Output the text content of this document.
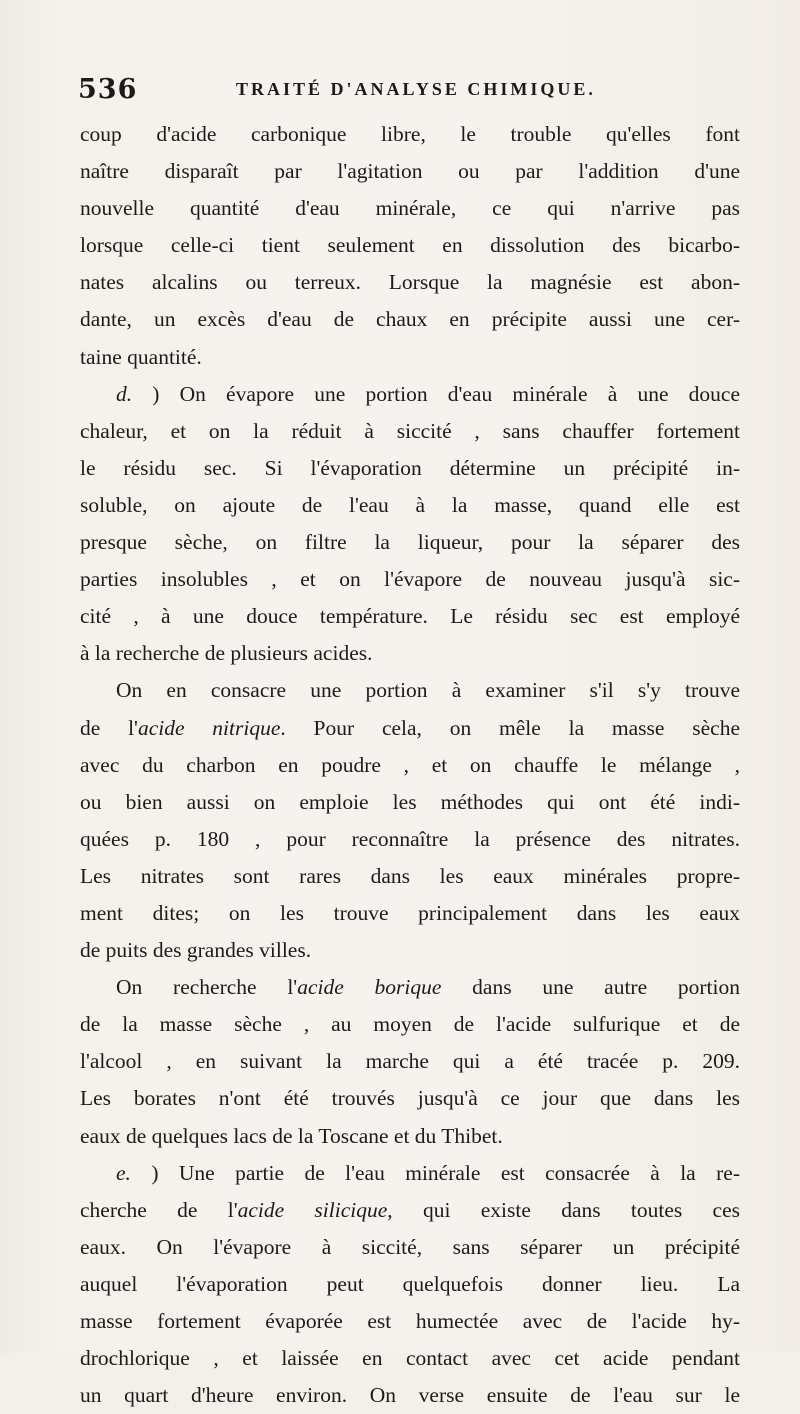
536	TRAITÉ D'ANALYSE CHIMIQUE.
coup d'acide carbonique libre, le trouble qu'elles font
naître disparaît par l'agitation ou par l'addition d'une
nouvelle quantité d'eau minérale, ce qui n'arrive pas
lorsque celle-ci tient seulement en dissolution des bicarbo-
nates alcalins ou terreux. Lorsque la magnésie est abon-
dante, un excès d'eau de chaux en précipite aussi une cer-
taine quantité.
d. ) On évapore une portion d'eau minérale à une douce
chaleur, et on la réduit à siccité , sans chauffer fortement
le résidu sec. Si l'évaporation détermine un précipité in-
soluble, on ajoute de l'eau à la masse, quand elle est
presque sèche, on filtre la liqueur, pour la séparer des
parties insolubles , et on l'évapore de nouveau jusqu'à sic-
cité , à une douce température. Le résidu sec est employé
à la recherche de plusieurs acides.
On en consacre une portion à examiner s'il s'y trouve
de l'acide nitrique. Pour cela, on mêle la masse sèche
avec du charbon en poudre , et on chauffe le mélange ,
ou bien aussi on emploie les méthodes qui ont été indi-
quées p. 180 , pour reconnaître la présence des nitrates.
Les nitrates sont rares dans les eaux minérales propre-
ment dites; on les trouve principalement dans les eaux
de puits des grandes villes.
On recherche l'acide borique dans une autre portion
de la masse sèche , au moyen de l'acide sulfurique et de
l'alcool , en suivant la marche qui a été tracée p. 209.
Les borates n'ont été trouvés jusqu'à ce jour que dans les
eaux de quelques lacs de la Toscane et du Thibet.
e. ) Une partie de l'eau minérale est consacrée à la re-
cherche de l'acide silicique, qui existe dans toutes ces
eaux. On l'évapore à siccité, sans séparer un précipité
auquel l'évaporation peut quelquefois donner lieu. La
masse fortement évaporée est humectée avec de l'acide hy-
drochlorique , et laissée en contact avec cet acide pendant
un quart d'heure environ. On verse ensuite de l'eau sur le
